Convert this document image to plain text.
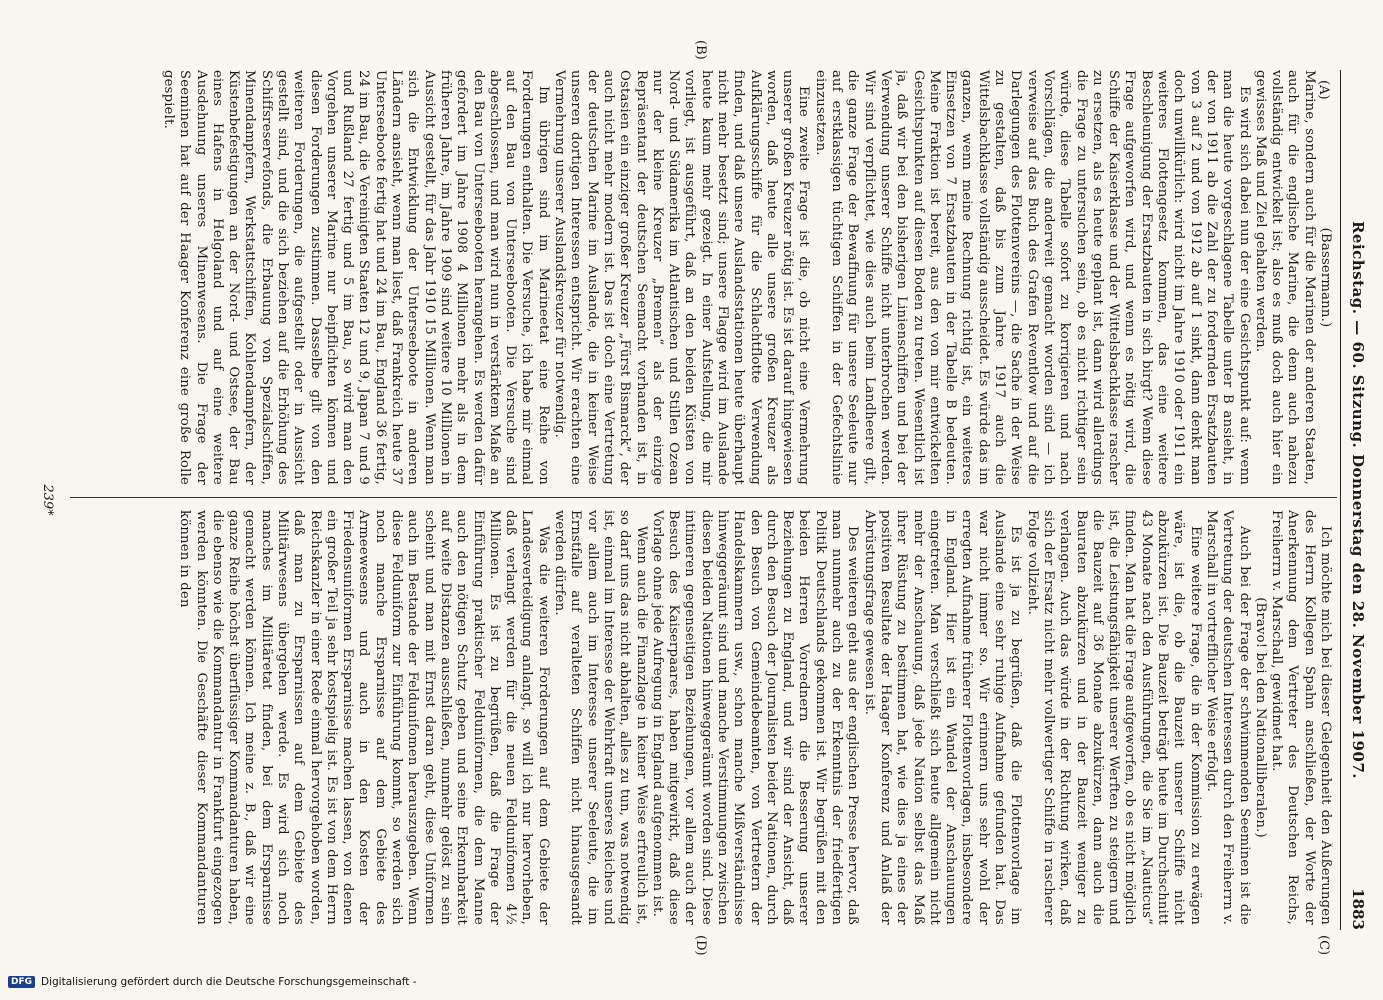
Reichstag. — 60. Sitzung. Donnerstag den 28. November 1907.
1883
(A)
(B)
(C)
(D)

(Bassermann.)

Marine, sondern auch für die Marinen der anderen Staaten, auch für die englische Marine, die denn auch nahezu vollständig entwickelt ist; also es muß doch auch hier ein gewisses Maß und Ziel gehalten werden.

Es wird sich dabei nun der eine Gesichtspunkt auf: wenn man die heute vorgeschlagene Tabelle unter B ansieht, in der von 1911 ab die Zahl der zu fordernden Ersatzbauten von 3 auf 2 und von 1912 ab auf 1 sinkt, dann denkt man doch unwillkürlich: wird nicht im Jahre 1910 oder 1911 ein weiteres Flottengesetz kommen, das eine weitere Beschleunigung der Ersatzbauten in sich birgt? Wenn diese Frage aufgeworfen wird, und wenn es nötig wird, die Schiffe der Kaiserklasse und der Wittelsbachklasse rascher zu ersetzen, als es heute geplant ist, dann wird allerdings die Frage zu untersuchen sein, ob es nicht richtiger sein würde, diese Tabelle sofort zu korrigieren und nach Vorschlägen, die anderweit gemacht worden sind — ich verweise auf das Buch des Grafen Reventlow und auf die Darlegungen des Flottenvereins —, die Sache in der Weise zu gestalten, daß bis zum Jahre 1917 auch die Wittelsbachklasse vollständig ausscheidet. Es würde das im ganzen, wenn meine Rechnung richtig ist, ein weiteres Einsetzen von 7 Ersatzbauten in der Tabelle B bedeuten. Meine Fraktion ist bereit, aus den von mir entwickelten Gesichtspunkten auf diesen Boden zu treten. Wesentlich ist ja, daß wir bei den bisherigen Linienschiffen und bei der Verwendung unserer Schiffe nicht unterbrochen werden. Wir sind verpflichtet, wie dies auch beim Landheere gilt, die ganze Frage der Bewaffnung für unsere Seeleute nur auf erstklassigen tüchtigen Schiffen in der Gefechtslinie einzusetzen.

Eine zweite Frage ist die, ob nicht eine Vermehrung unserer großen Kreuzer nötig ist. Es ist darauf hingewiesen worden, daß heute alle unsere großen Kreuzer als Aufklärungsschiffe für die Schlachtflotte Verwendung finden, und daß unsere Auslandsstationen heute überhaupt nicht mehr besetzt sind; unsere Flagge wird im Auslande heute kaum mehr gezeigt. In einer Aufstellung, die mir vorliegt, ist ausgeführt, daß an den beiden Küsten von Nord- und Südamerika im Atlantischen und Stillen Ozean nur der kleine Kreuzer „Bremen“ als der einzige Repräsentant der deutschen Seemacht vorhanden ist, in Ostasien ein einziger großer Kreuzer „Fürst Bismarck“, der auch nicht mehr modern ist. Das ist doch eine Vertretung der deutschen Marine im Auslande, die in keiner Weise unseren dortigen Interessen entspricht. Wir erachten eine Vermehrung unserer Auslandskreuzer für notwendig.

Im übrigen sind im Marineetat eine Reihe von Forderungen enthalten. Die Versuche, ich habe mir einmal auf den Bau von Unterseebooten. Die Versuche sind abgeschlossen, und man wird nun in verstärktem Maße an den Bau von Unterseebooten herangehen. Es werden dafür gefordert im Jahre 1908 4 Millionen mehr als in dem früheren Jahre, im Jahre 1909 sind weitere 10 Millionen in Aussicht gestellt, für das Jahr 1910 15 Millionen. Wenn man sich die Entwicklung der Unterseeboote in anderen Ländern ansieht, wenn man liest, daß Frankreich heute 37 Unterseeboote fertig hat und 24 im Bau, England 36 fertig, 24 im Bau, die Vereinigten Staaten 12 und 9, Japan 7 und 9 und Rußland 27 fertig und 5 im Bau, so wird man den Vorgehen unserer Marine nur beipflichten können und diesen Forderungen zustimmen. Dasselbe gilt von den weiteren Forderungen, die aufgestellt oder in Aussicht gestellt sind, und die sich beziehen auf die Erhöhung des Schiffsreservefonds, die Erbauung von Spezialschiffen, Minendampfern, Werkstattschiffen, Kohlendampfern, der Küstenbefestigungen an der Nord- und Ostsee, der Bau eines Hafens in Helgoland und auf eine weitere Ausdehnung unseres Minenwesens. Die Frage der Seeminen hat auf der Haager Konferenz eine große Rolle gespielt.

Ich möchte mich bei dieser Gelegenheit den Äußerungen des Herrn Kollegen Spahn anschließen, der Worte der Anerkennung dem Vertreter des Deutschen Reichs, Freiherrn v. Marschall, gewidmet hat.

(Bravo! bei den Nationalliberalen.)

Auch bei der Frage der schwimmenden Seeminen ist die Vertretung der deutschen Interessen durch den Freiherrn v. Marschall in vortrefflicher Weise erfolgt.

Eine weitere Frage, die in der Kommission zu erwägen wäre, ist die, ob die Bauzeit unserer Schiffe nicht abzukürzen ist. Die Bauzeit beträgt heute im Durchschnitt 43 Monate nach den Ausführungen, die Sie im „Nauticus“ finden. Man hat die Frage aufgeworfen, ob es nicht möglich ist, die Leistungsfähigkeit unserer Werften zu steigern und die Bauzeit auf 36 Monate abzukürzen, dann auch die Bauraten abzukürzen und in der Bauzeit weniger zu verlangen. Auch das würde in der Richtung wirken, daß sich der Ersatz nicht mehr vollwertiger Schiffe in rascherer Folge vollzieht.

Es ist ja zu begrüßen, daß die Flottenvorlage im Auslande eine sehr ruhige Aufnahme gefunden hat. Das war nicht immer so. Wir erinnern uns sehr wohl der erregten Aufnahme früherer Flottenvorlagen, insbesondere in England. Hier ist ein Wandel der Anschauungen eingetreten. Man verschließt sich heute allgemein nicht mehr der Anschauung, daß jede Nation selbst das Maß ihrer Rüstung zu bestimmen hat, wie dies ja eines der positiven Resultate der Haager Konferenz und Anlaß der Abrüstungsfrage gewesen ist.

Des weiteren geht aus der englischen Presse hervor, daß man nunmehr auch zu der Erkenntnis der friedfertigen Politik Deutschlands gekommen ist. Wir begrüßen mit den beiden Herren Vorrednern die Besserung unserer Beziehungen zu England, und wir sind der Ansicht, daß durch den Besuch der Journalisten beider Nationen, durch den Besuch von Gemeindebeamten, von Vertretern der Handelskammern usw., schon manche Mißverständnisse hinweggeräumt sind und manche Verstimmungen zwischen diesen beiden Nationen hinweggeräumt worden sind. Diese intimeren gegenseitigen Beziehungen, vor allem auch der Besuch des Kaiserpaares, haben mitgewirkt, daß diese Vorlage ohne jede Aufregung in England aufgenommen ist.

Wenn auch die Finanzlage in keiner Weise erfreulich ist, so darf uns das nicht abhalten, alles zu tun, was notwendig ist, einmal im Interesse der Wehrkraft unseres Reiches und vor allem auch im Interesse unserer Seeleute, die im Ernstfalle auf veralteten Schiffen nicht hinausgesandt werden dürfen.

Was die weiteren Forderungen auf dem Gebiete der Landesverteidigung anlangt, so will ich nur hervorheben, daß verlangt werden für die neuen Feldunifomen 4½ Millionen. Es ist zu begrüßen, daß die Frage der Einführung praktischer Felduniformen, die dem Manne auch den nötigen Schutz geben und seine Erkennbarkeit auf weite Distanzen ausschließen, nunmehr gelöst zu sein scheint und man mit Ernst daran geht, diese Uniformen auch im Bestande der Feldunifomen herauszugeben. Wenn diese Felduniform zur Einführung kommt, so werden sich noch manche Ersparnisse auf dem Gebiete des Armeewesens und auch in den Kosten der Friedensuniformen Ersparnisse machen lassen, von denen ein großer Teil ja sehr kostspielig ist. Es ist von dem Herrn Reichskanzler in einer Rede einmal hervorgehoben worden, daß man zu Ersparnissen auf dem Gebiete des Militärwesens übergehen werde. Es wird sich noch manches im Militäretat finden, bei dem Ersparnisse gemacht werden können. Ich meine z. B., daß wir eine ganze Reihe höchst überflüssiger Kommandanturen haben, die ebenso wie die Kommandantur in Frankfurt eingezogen werden könnten. Die Geschäfte dieser Kommandanturen können in den

239*
DFG Digitalisierung gefördert durch die Deutsche Forschungsgemeinschaft -
